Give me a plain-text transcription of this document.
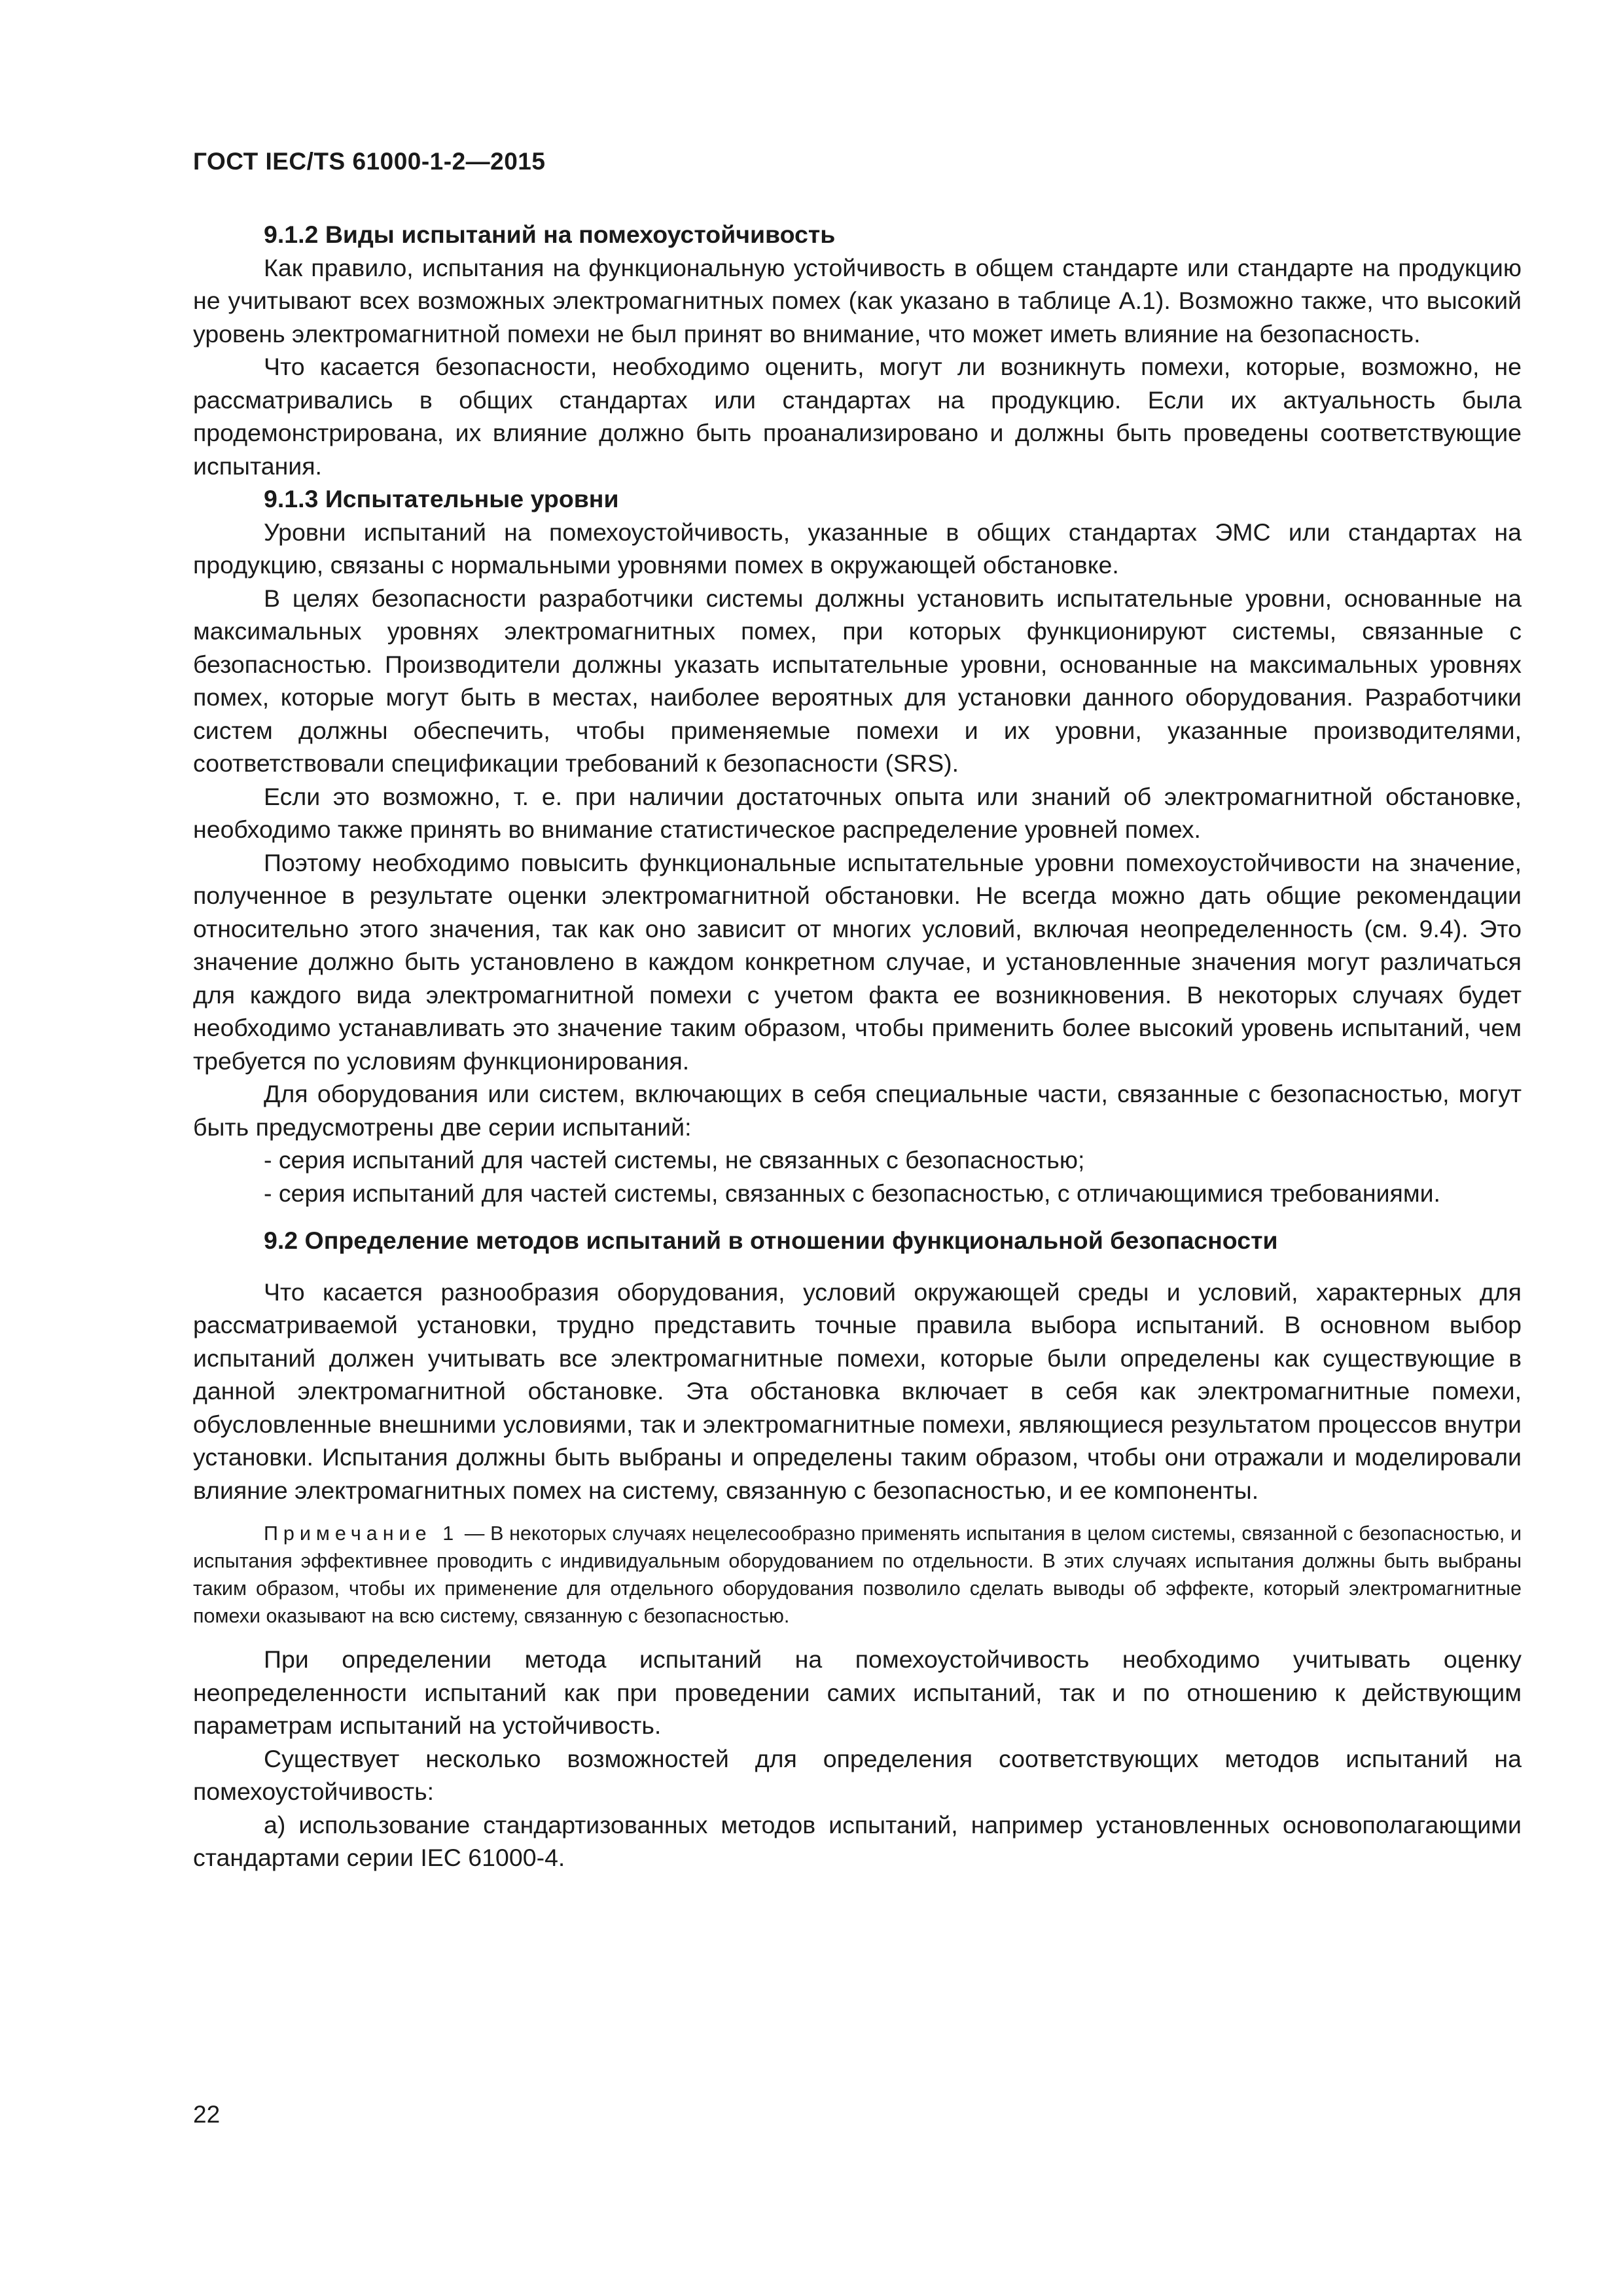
ГОСТ IEC/TS 61000-1-2—2015
9.1.2 Виды испытаний на помехоустойчивость

Как правило, испытания на функциональную устойчивость в общем стандарте или стандарте на продукцию не учитывают всех возможных электромагнитных помех (как указано в таблице А.1). Возможно также, что высокий уровень электромагнитной помехи не был принят во внимание, что может иметь влияние на безопасность.

Что касается безопасности, необходимо оценить, могут ли возникнуть помехи, которые, возможно, не рассматривались в общих стандартах или стандартах на продукцию. Если их актуальность была продемонстрирована, их влияние должно быть проанализировано и должны быть проведены соответствующие испытания.

9.1.3 Испытательные уровни

Уровни испытаний на помехоустойчивость, указанные в общих стандартах ЭМС или стандартах на продукцию, связаны с нормальными уровнями помех в окружающей обстановке.

В целях безопасности разработчики системы должны установить испытательные уровни, основанные на максимальных уровнях электромагнитных помех, при которых функционируют системы, связанные с безопасностью. Производители должны указать испытательные уровни, основанные на максимальных уровнях помех, которые могут быть в местах, наиболее вероятных для установки данного оборудования. Разработчики систем должны обеспечить, чтобы применяемые помехи и их уровни, указанные производителями, соответствовали спецификации требований к безопасности (SRS).

Если это возможно, т. е. при наличии достаточных опыта или знаний об электромагнитной обстановке, необходимо также принять во внимание статистическое распределение уровней помех.

Поэтому необходимо повысить функциональные испытательные уровни помехоустойчивости на значение, полученное в результате оценки электромагнитной обстановки. Не всегда можно дать общие рекомендации относительно этого значения, так как оно зависит от многих условий, включая неопределенность (см. 9.4). Это значение должно быть установлено в каждом конкретном случае, и установленные значения могут различаться для каждого вида электромагнитной помехи с учетом факта ее возникновения. В некоторых случаях будет необходимо устанавливать это значение таким образом, чтобы применить более высокий уровень испытаний, чем требуется по условиям функционирования.

Для оборудования или систем, включающих в себя специальные части, связанные с безопасностью, могут быть предусмотрены две серии испытаний:

- серия испытаний для частей системы, не связанных с безопасностью;

- серия испытаний для частей системы, связанных с безопасностью, с отличающимися требованиями.

9.2 Определение методов испытаний в отношении функциональной безопасности

Что касается разнообразия оборудования, условий окружающей среды и условий, характерных для рассматриваемой установки, трудно представить точные правила выбора испытаний. В основном выбор испытаний должен учитывать все электромагнитные помехи, которые были определены как существующие в данной электромагнитной обстановке. Эта обстановка включает в себя как электромагнитные помехи, обусловленные внешними условиями, так и электромагнитные помехи, являющиеся результатом процессов внутри установки. Испытания должны быть выбраны и определены таким образом, чтобы они отражали и моделировали влияние электромагнитных помех на систему, связанную с безопасностью, и ее компоненты.

Примечание 1 — В некоторых случаях нецелесообразно применять испытания в целом системы, связанной с безопасностью, и испытания эффективнее проводить с индивидуальным оборудованием по отдельности. В этих случаях испытания должны быть выбраны таким образом, чтобы их применение для отдельного оборудования позволило сделать выводы об эффекте, который электромагнитные помехи оказывают на всю систему, связанную с безопасностью.

При определении метода испытаний на помехоустойчивость необходимо учитывать оценку неопределенности испытаний как при проведении самих испытаний, так и по отношению к действующим параметрам испытаний на устойчивость.

Существует несколько возможностей для определения соответствующих методов испытаний на помехоустойчивость:

а) использование стандартизованных методов испытаний, например установленных основополагающими стандартами серии IEC 61000-4.

22
